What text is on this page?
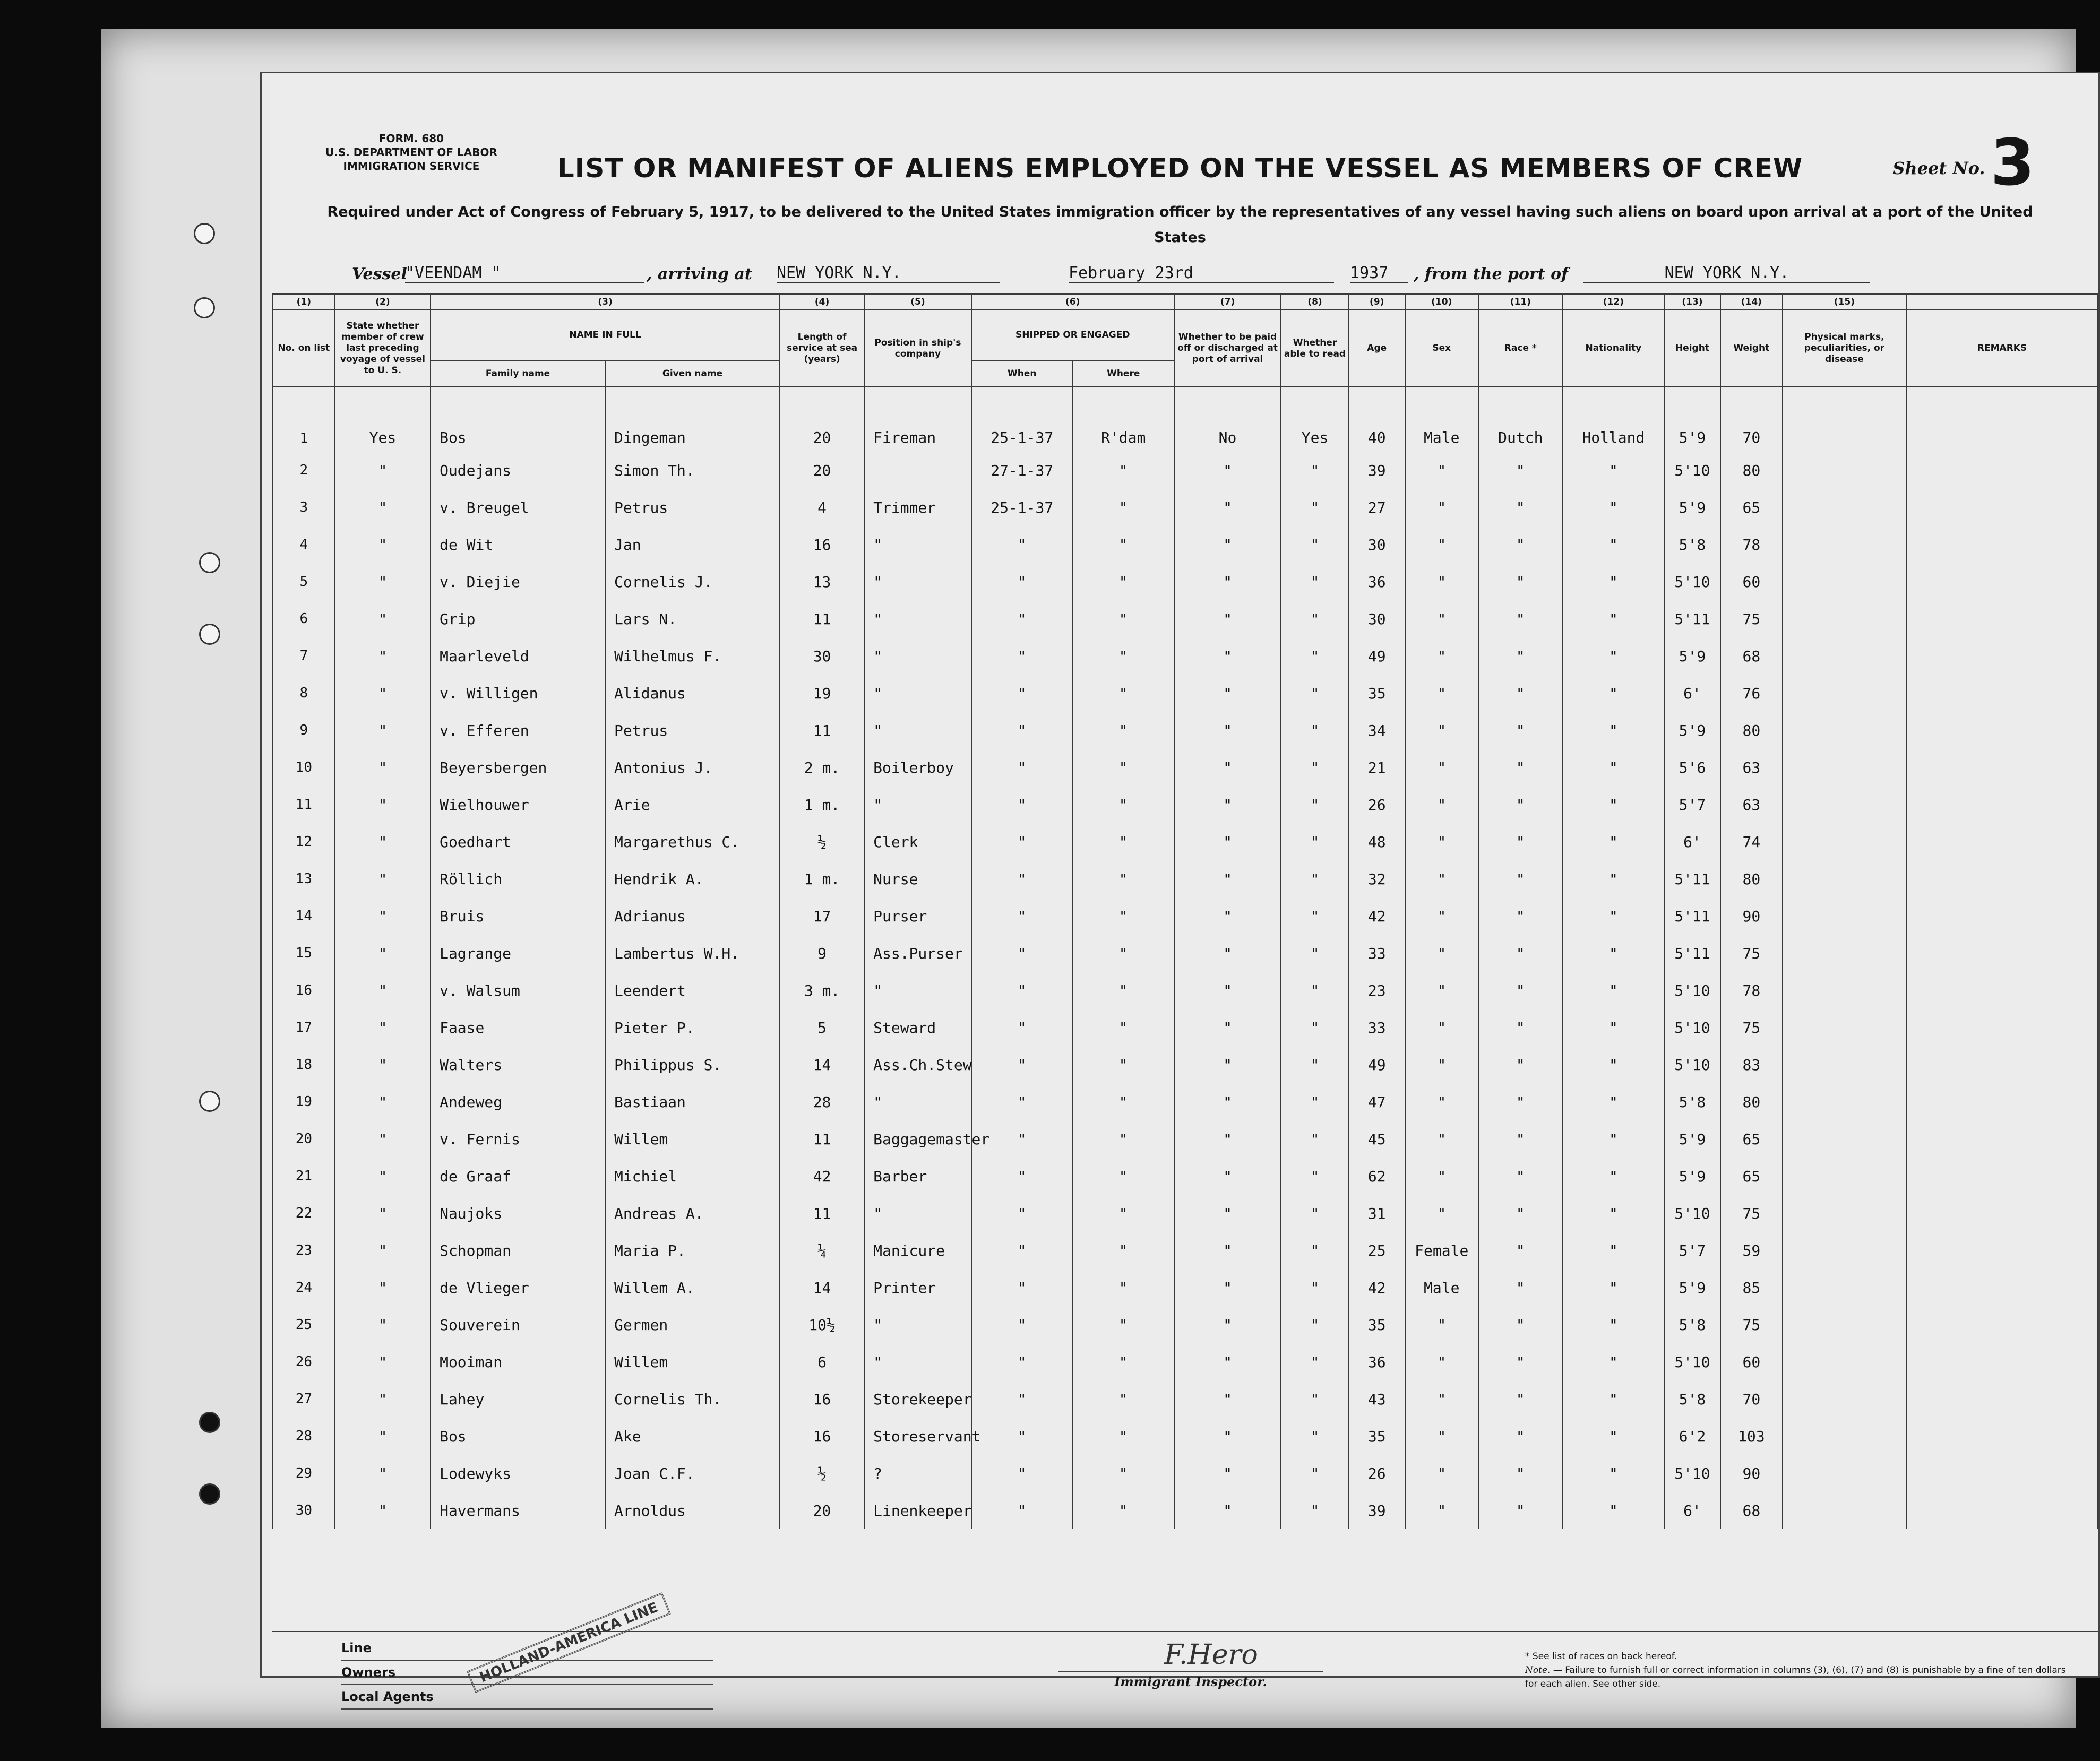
FORM. 680
U.S. DEPARTMENT OF LABOR
IMMIGRATION SERVICE	Sheet No.3
LIST OR MANIFEST OF ALIENS EMPLOYED ON THE VESSEL AS MEMBERS OF CREW
Required under Act of Congress of February 5, 1917, to be delivered to the United States immigration officer by the representatives of any vessel having such aliens on board upon arrival at a port of the United States
Vessel
"VEENDAM "	, arriving at NEW YORK N.Y.	February 23rd	1937	, from the port of	NEW YORK N.Y.
(1)	(2)	(3)		(4)	(5)	(6)		(7)	(8)	(9)	(10)	(11)	(12)	(13)	(14)	(15)	
No. on list	State whether member of crew last preceding voyage of vessel to U. S.	NAME IN FULL		Length of service at sea (years)	Position in ship's company	SHIPPED OR ENGAGED		Whether to be paid off or discharged at port of arrival	Whether able to read	Age	Sex	Race *	Nationality	Height	Weight	Physical marks, peculiarities, or disease	REMARKS
		Family name	Given name			When	Where										
1	Yes	Bos	Dingeman	20	Fireman	25-1-37	R'dam	No	Yes	40	Male	Dutch	Holland	5'9	70		
2	"	Oudejans	Simon Th.	20		27-1-37	"	"	"	39	"	"	"	5'10	80		
3	"	v. Breugel	Petrus	4	Trimmer	25-1-37	"	"	"	27	"	"	"	5'9	65		
4	"	de Wit	Jan	16	"	"	"	"	"	30	"	"	"	5'8	78		
5	"	v. Diejie	Cornelis J.	13	"	"	"	"	"	36	"	"	"	5'10	60		
6	"	Grip	Lars N.	11	"	"	"	"	"	30	"	"	"	5'11	75		
7	"	Maarleveld	Wilhelmus F.	30	"	"	"	"	"	49	"	"	"	5'9	68		
8	"	v. Willigen	Alidanus	19	"	"	"	"	"	35	"	"	"	6'	76		
9	"	v. Efferen	Petrus	11	"	"	"	"	"	34	"	"	"	5'9	80		
10	"	Beyersbergen	Antonius J.	2 m.	Boilerboy	"	"	"	"	21	"	"	"	5'6	63		
11	"	Wielhouwer	Arie	1 m.	"	"	"	"	"	26	"	"	"	5'7	63		
12	"	Goedhart	Margarethus C.	½	Clerk	"	"	"	"	48	"	"	"	6'	74		
13	"	Röllich	Hendrik A.	1 m.	Nurse	"	"	"	"	32	"	"	"	5'11	80		
14	"	Bruis	Adrianus	17	Purser	"	"	"	"	42	"	"	"	5'11	90		
15	"	Lagrange	Lambertus W.H.	9	Ass.Purser	"	"	"	"	33	"	"	"	5'11	75		
16	"	v. Walsum	Leendert	3 m.	"	"	"	"	"	23	"	"	"	5'10	78		
17	"	Faase	Pieter P.	5	Steward	"	"	"	"	33	"	"	"	5'10	75		
18	"	Walters	Philippus S.	14	Ass.Ch.Stew	"	"	"	"	49	"	"	"	5'10	83		
19	"	Andeweg	Bastiaan	28	"	"	"	"	"	47	"	"	"	5'8	80		
20	"	v. Fernis	Willem	11	Baggagemaster	"	"	"	"	45	"	"	"	5'9	65		
21	"	de Graaf	Michiel	42	Barber	"	"	"	"	62	"	"	"	5'9	65		
22	"	Naujoks	Andreas A.	11	"	"	"	"	"	31	"	"	"	5'10	75		
23	"	Schopman	Maria P.	¼	Manicure	"	"	"	"	25	Female	"	"	5'7	59		
24	"	de Vlieger	Willem A.	14	Printer	"	"	"	"	42	Male	"	"	5'9	85		
25	"	Souverein	Germen	10½	"	"	"	"	"	35	"	"	"	5'8	75		
26	"	Mooiman	Willem	6	"	"	"	"	"	36	"	"	"	5'10	60		
27	"	Lahey	Cornelis Th.	16	Storekeeper	"	"	"	"	43	"	"	"	5'8	70		
28	"	Bos	Ake	16	Storeservant	"	"	"	"	35	"	"	"	6'2	103		
29	"	Lodewyks	Joan C.F.	½	?	"	"	"	"	26	"	"	"	5'10	90		
30	"	Havermans	Arnoldus	20	Linenkeeper	"	"	"	"	39	"	"	"	6'	68		
Line
Owners
Local Agents
HOLLAND-AMERICA LINE	F.Hero
Immigrant Inspector.
* See list of races on back hereof.
Note. — Failure to furnish full or correct information in columns (3), (6), (7) and (8) is punishable by a fine of ten dollars for each alien. See other side.
